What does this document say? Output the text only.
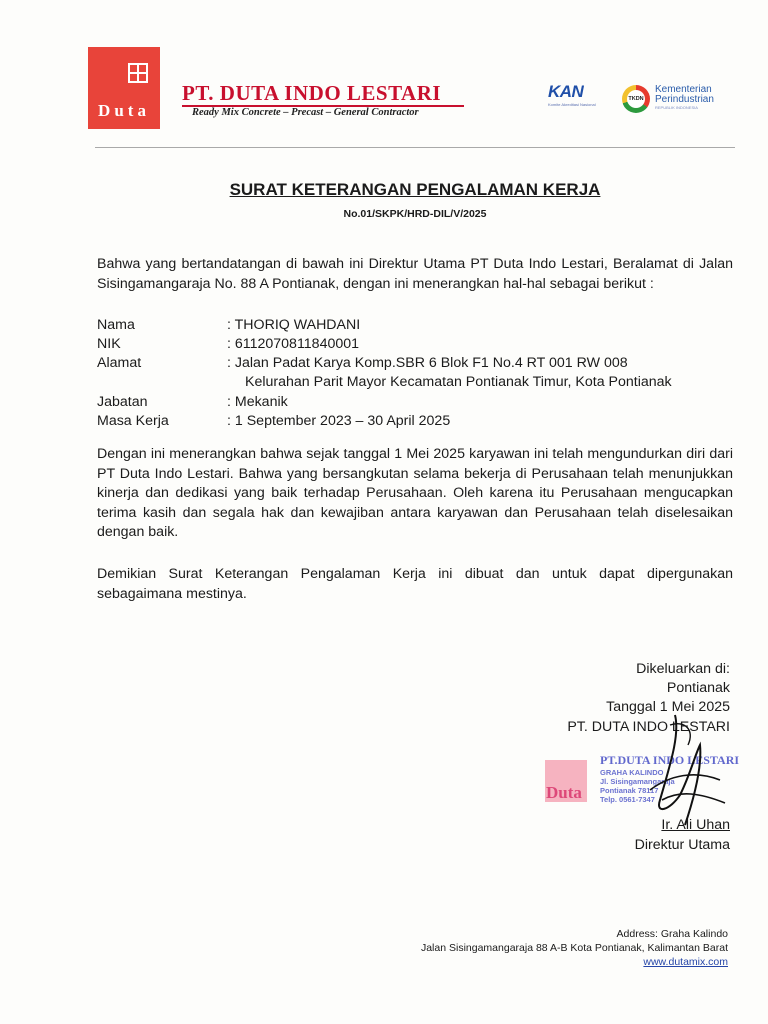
Duta
PT. DUTA INDO LESTARI
Ready Mix Concrete – Precast – General Contractor
KAN
Komite Akreditasi Nasional
TKDN
Kementerian
Perindustrian
REPUBLIK INDONESIA
SURAT KETERANGAN PENGALAMAN KERJA
No.01/SKPK/HRD-DIL/V/2025

Bahwa yang bertandatangan di bawah ini Direktur Utama PT Duta Indo Lestari, Beralamat di Jalan Sisingamangaraja No. 88 A Pontianak, dengan ini menerangkan hal-hal sebagai berikut :

Nama	: THORIQ WAHDANI
NIK	: 6112070811840001
Alamat	: Jalan Padat Karya Komp.SBR 6 Blok F1 No.4 RT 001 RW 008
Kelurahan Parit Mayor Kecamatan Pontianak Timur, Kota Pontianak
Jabatan	: Mekanik
Masa Kerja	: 1 September 2023 – 30 April 2025

Dengan ini menerangkan bahwa sejak tanggal 1 Mei 2025 karyawan ini telah mengundurkan diri dari PT Duta Indo Lestari. Bahwa yang bersangkutan selama bekerja di Perusahaan telah menunjukkan kinerja dan dedikasi yang baik terhadap Perusahaan. Oleh karena itu Perusahaan mengucapkan terima kasih dan segala hak dan kewajiban antara karyawan dan Perusahaan telah diselesaikan dengan baik.

Demikian Surat Keterangan Pengalaman Kerja ini dibuat dan untuk dapat dipergunakan sebagaimana mestinya.

Dikeluarkan di:
Pontianak
Tanggal 1 Mei 2025
PT. DUTA INDO LESTARI
Duta
PT.DUTA INDO LESTARI
GRAHA KALINDO
Jl. Sisingamangaraja
Pontianak 78117
Telp. 0561-7347
Ir. Ali Uhan
Direktur Utama
Address: Graha Kalindo
Jalan Sisingamangaraja 88 A-B Kota Pontianak, Kalimantan Barat
www.dutamix.com
